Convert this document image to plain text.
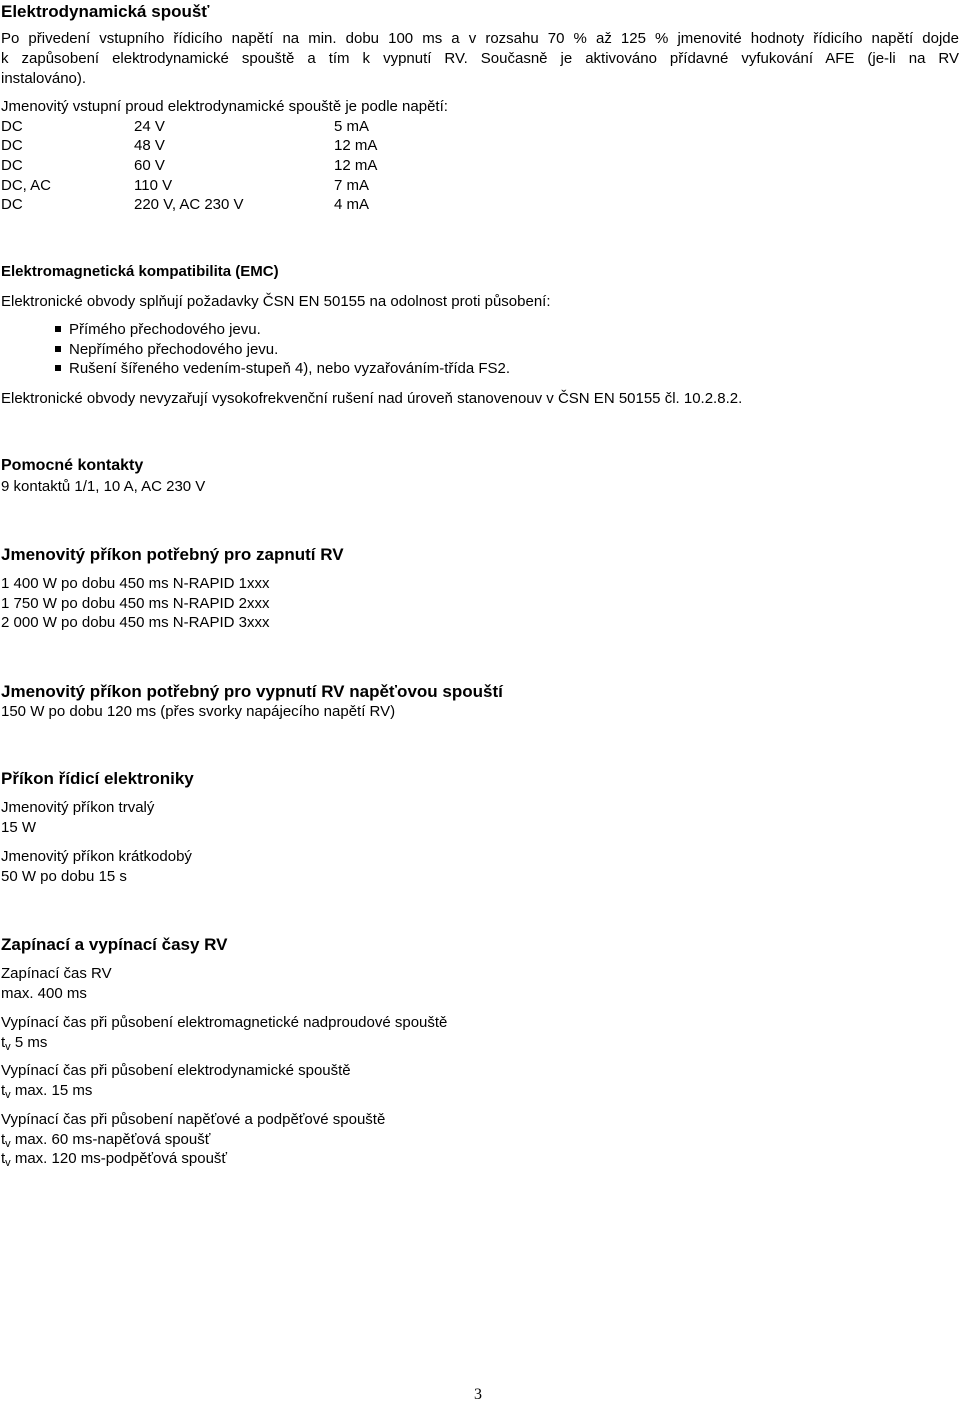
Elektrodynamická spoušť
Po přivedení vstupního řídicího napětí na min. dobu 100 ms a v rozsahu 70 % až 125 % jmenovité hodnoty řídicího napětí dojde
k zapůsobení elektrodynamické spouště a tím k vypnutí RV. Současně je aktivováno přídavné vyfukování AFE (je-li na RV
instalováno).
Jmenovitý vstupní proud elektrodynamické spouště je podle napětí:
DC	24 V	5 mA
DC	48 V	12 mA
DC	60 V	12 mA
DC, AC	110 V	7 mA
DC	220 V, AC 230 V	4 mA
Elektromagnetická kompatibilita (EMC)
Elektronické obvody splňují požadavky ČSN EN 50155 na odolnost proti působení:
Přímého přechodového jevu.
Nepřímého přechodového jevu.
Rušení šířeného vedením-stupeň 4), nebo vyzařováním-třída FS2.
Elektronické obvody nevyzařují vysokofrekvenční rušení nad úroveň stanovenouv v ČSN EN 50155 čl. 10.2.8.2.
Pomocné kontakty
9 kontaktů 1/1, 10 A, AC 230 V
Jmenovitý příkon potřebný pro zapnutí RV
1 400 W po dobu 450 ms N-RAPID 1xxx
1 750 W po dobu 450 ms N-RAPID 2xxx
2 000 W po dobu 450 ms N-RAPID 3xxx
Jmenovitý příkon potřebný pro vypnutí RV napěťovou spouští
150 W po dobu 120 ms (přes svorky napájecího napětí RV)
Příkon řídicí elektroniky
Jmenovitý příkon trvalý
15 W
Jmenovitý příkon krátkodobý
50 W po dobu 15 s
Zapínací a vypínací časy RV
Zapínací čas RV
max. 400 ms
Vypínací čas při působení elektromagnetické nadproudové spouště
$t_v$ 5 ms
Vypínací čas při působení elektrodynamické spouště
$t_v$ max. 15 ms
Vypínací čas při působení napěťové a podpěťové spouště
$t_v$ max. 60 ms-napěťová spoušť
$t_v$ max. 120 ms-podpěťová spoušť
3
